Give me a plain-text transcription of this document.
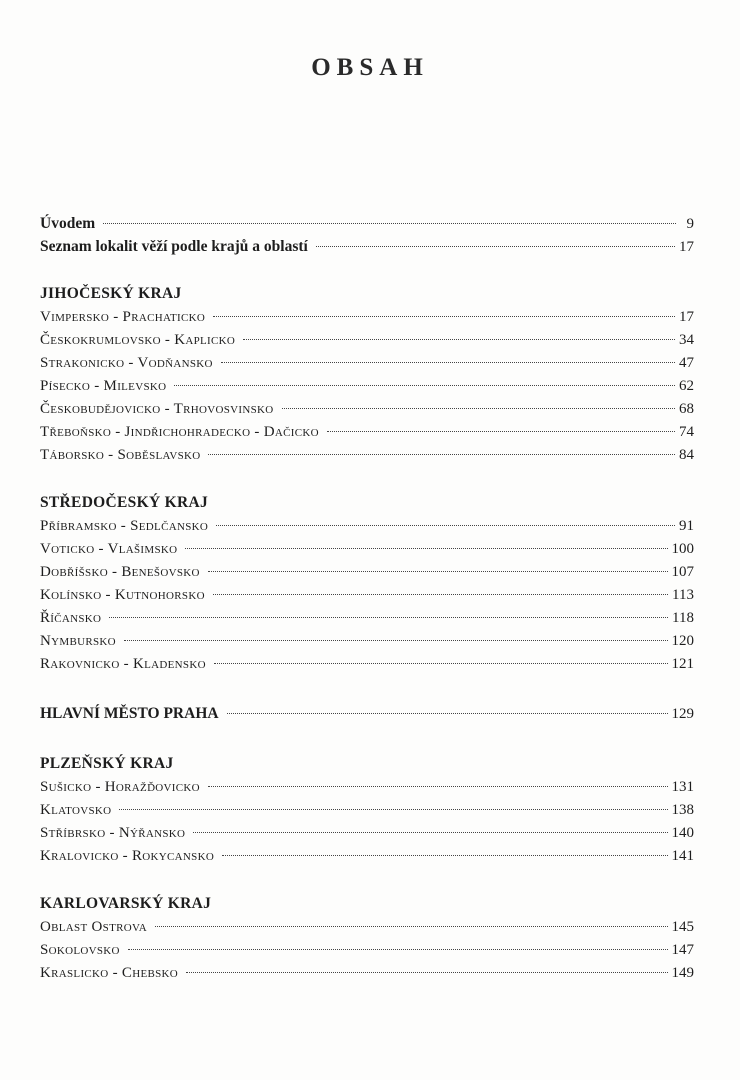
OBSAH
Úvodem	9
Seznam lokalit věží podle krajů a oblastí	17
JIHOČESKÝ KRAJ
Vimpersko - Prachaticko	17
Českokrumlovsko - Kaplicko	34
Strakonicko - Vodňansko	47
Písecko - Milevsko	62
Českobudějovicko - Trhovosvinsko	68
Třeboňsko - Jindřichohradecko - Dačicko	74
Táborsko - Soběslavsko	84
STŘEDOČESKÝ KRAJ
Příbramsko - Sedlčansko	91
Voticko - Vlašimsko	100
Dobříšsko - Benešovsko	107
Kolínsko - Kutnohorsko	113
Říčansko	118
Nymbursko	120
Rakovnicko - Kladensko	121
HLAVNÍ MĚSTO PRAHA	129
PLZEŇSKÝ KRAJ
Sušicko - Horažďovicko	131
Klatovsko	138
Stříbrsko - Nýřansko	140
Kralovicko - Rokycansko	141
KARLOVARSKÝ KRAJ
Oblast Ostrova	145
Sokolovsko	147
Kraslicko - Chebsko	149
